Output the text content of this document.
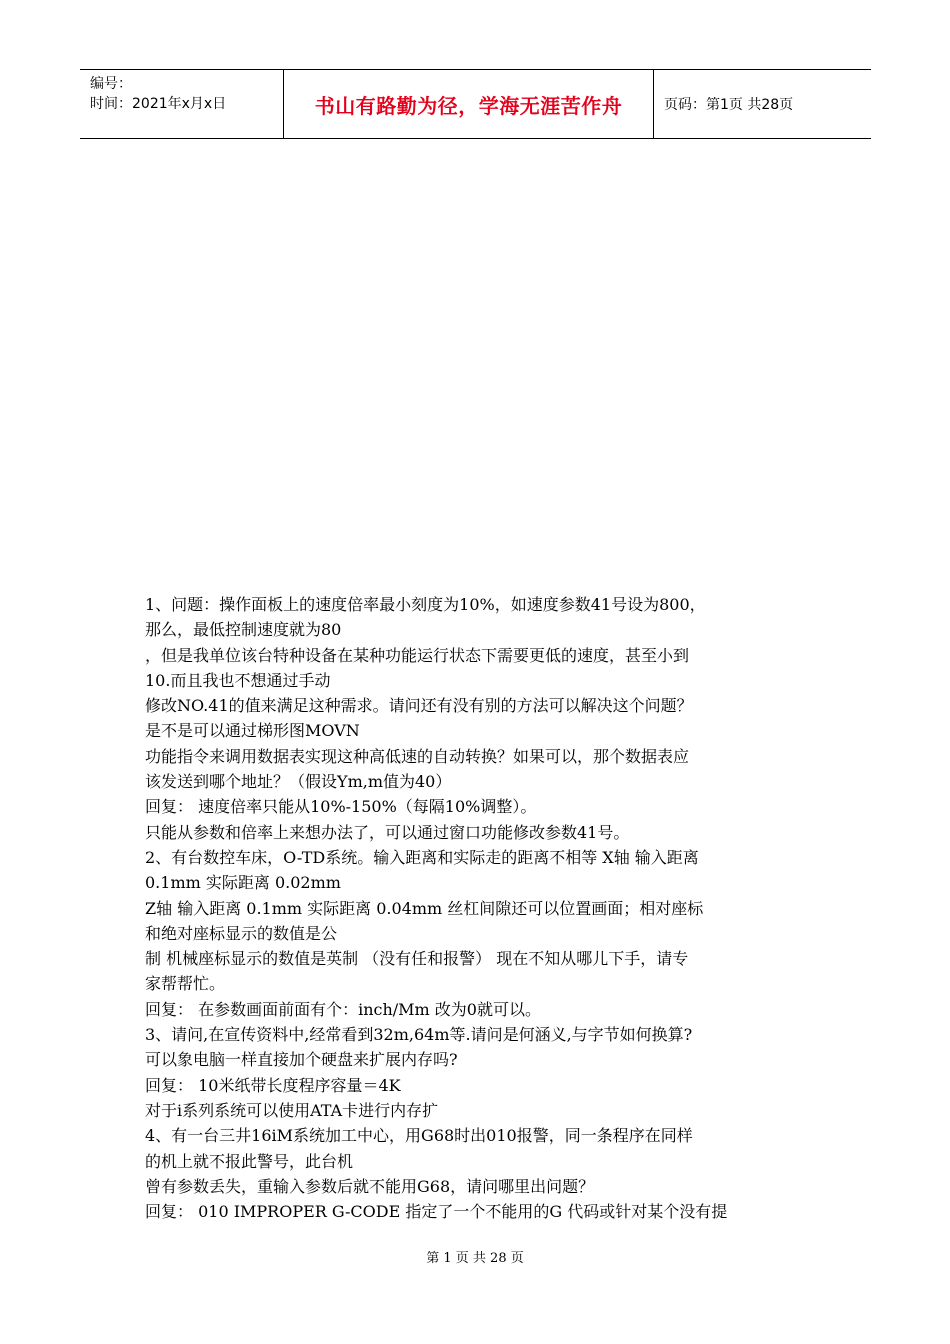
编号：
时间：2021年x月x日	书山有路勤为径，学海无涯苦作舟	页码：第1页 共28页

1、问题：操作面板上的速度倍率最小刻度为10%，如速度参数41号设为800，

那么，最低控制速度就为80

，但是我单位该台特种设备在某种功能运行状态下需要更低的速度，甚至小到

10.而且我也不想通过手动

修改NO.41的值来满足这种需求。请问还有没有别的方法可以解决这个问题？

是不是可以通过梯形图MOVN

功能指令来调用数据表实现这种高低速的自动转换？如果可以，那个数据表应

该发送到哪个地址？（假设Ym,m值为40）

回复： 速度倍率只能从10%-150%（每隔10%调整）。

只能从参数和倍率上来想办法了，可以通过窗口功能修改参数41号。

2、有台数控车床，O-TD系统。输入距离和实际走的距离不相等 X轴 输入距离

0.1mm 实际距离 0.02mm

Z轴 输入距离 0.1mm 实际距离 0.04mm 丝杠间隙还可以位置画面；相对座标

和绝对座标显示的数值是公

制 机械座标显示的数值是英制 （没有任和报警） 现在不知从哪儿下手，请专

家帮帮忙。

回复： 在参数画面前面有个：inch/Mm 改为0就可以。

3、请问,在宣传资料中,经常看到32m,64m等.请问是何涵义,与字节如何换算?

可以象电脑一样直接加个硬盘来扩展内存吗?

回复： 10米纸带长度程序容量＝4K

对于i系列系统可以使用ATA卡进行内存扩

4、有一台三井16iM系统加工中心，用G68时出010报警，同一条程序在同样

的机上就不报此警号，此台机

曾有参数丢失，重输入参数后就不能用G68，请问哪里出问题？

回复： 010 IMPROPER G-CODE 指定了一个不能用的G 代码或针对某个没有提

第 1 页 共 28 页
